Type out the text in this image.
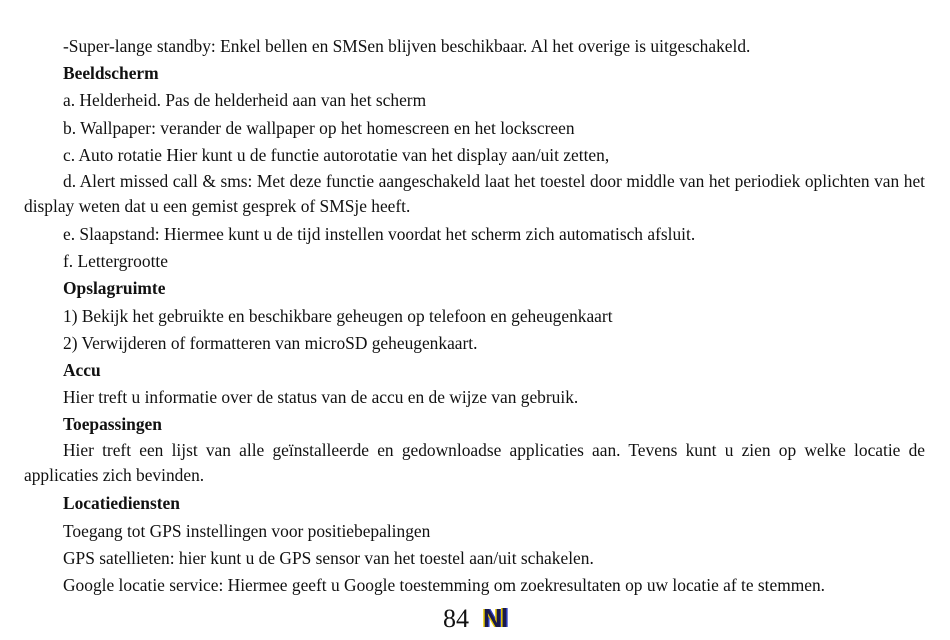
-Super-lange standby: Enkel bellen en SMSen blijven beschikbaar. Al het overige is uitgeschakeld.

Beeldscherm

a. Helderheid. Pas de helderheid aan van het scherm

b. Wallpaper: verander de wallpaper op het homescreen en het lockscreen

c. Auto rotatie Hier kunt u de functie autorotatie van het display aan/uit zetten,

d. Alert missed call & sms: Met deze functie aangeschakeld laat het toestel door middle van het periodiek oplichten van het display weten dat u een gemist gesprek of SMSje heeft.

e. Slaapstand: Hiermee kunt u de tijd instellen voordat het scherm zich automatisch afsluit.

f. Lettergrootte

Opslagruimte

1) Bekijk het gebruikte en beschikbare geheugen op telefoon en geheugenkaart

2) Verwijderen of formatteren van microSD geheugenkaart.

Accu

Hier treft u informatie over de status van de accu en de wijze van gebruik.

Toepassingen

Hier treft een lijst van alle geïnstalleerde en gedownloadse applicaties aan. Tevens kunt u zien op welke locatie de applicaties zich bevinden.

Locatiediensten

Toegang tot GPS instellingen voor positiebepalingen

GPS satellieten: hier kunt u de GPS sensor van het toestel aan/uit schakelen.

Google locatie service: Hiermee geeft u Google toestemming om zoekresultaten op uw locatie af te stemmen.

84 Nl
